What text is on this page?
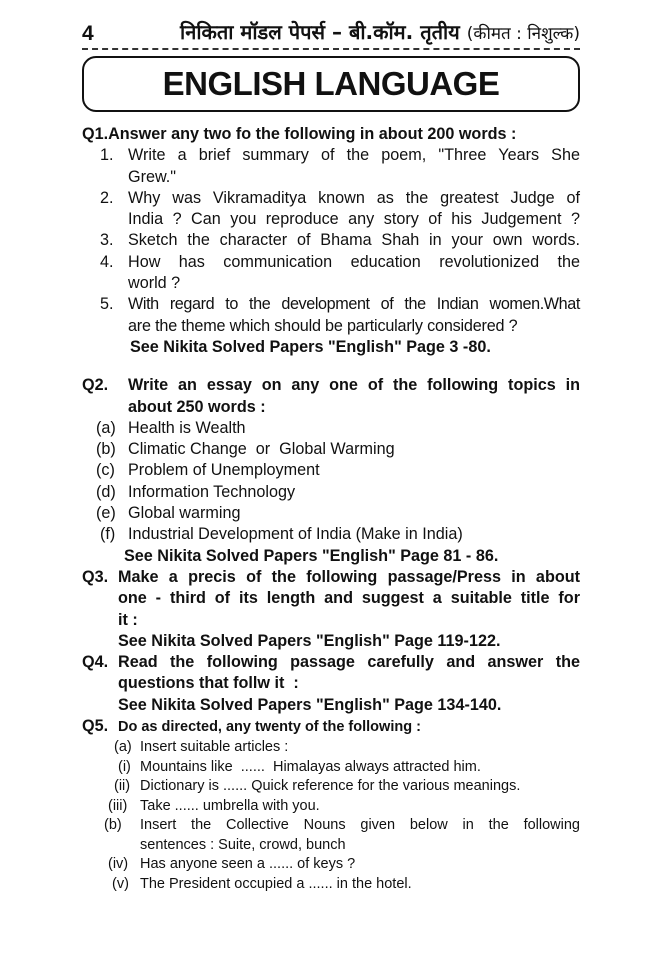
4	निकिता मॉडल पेपर्स – बी.कॉम. तृतीय (कीमत : निशुल्क)
ENGLISH LANGUAGE
Q1.Answer any two fo the following in about 200 words :
1. Write a brief summary of the poem, "Three Years She
Grew."
2. Why was Vikramaditya known as the greatest Judge of
India ? Can you reproduce any story of his Judgement ?
3. Sketch the character of Bhama Shah in your own words.
4. How has communication education revolutionized the
world ?
5. With regard to the development of the Indian women.What
are the theme which should be particularly considered ?
See Nikita Solved Papers "English" Page 3 -80.
Q2. Write an essay on any one of the following topics in
about 250 words :
(a) Health is Wealth
(b) Climatic Change  or  Global Warming
(c) Problem of Unemployment
(d) Information Technology
(e) Global warming
(f) Industrial Development of India (Make in India)
See Nikita Solved Papers "English" Page 81 - 86.
Q3. Make a precis of the following passage/Press in about
one - third of its length and suggest a suitable title for
it :
See Nikita Solved Papers "English" Page 119-122.
Q4. Read the following passage carefully and answer the
questions that follw it  :
See Nikita Solved Papers "English" Page 134-140.
Q5. Do as directed, any twenty of the following :
(a) Insert suitable articles :
(i) Mountains like  ......  Himalayas always attracted him.
(ii) Dictionary is ...... Quick reference for the various meanings.
(iii) Take ...... umbrella with you.
(b) Insert the Collective Nouns given below in the following
sentences : Suite, crowd, bunch
(iv) Has anyone seen a ...... of keys ?
(v) The President occupied a ...... in the hotel.
